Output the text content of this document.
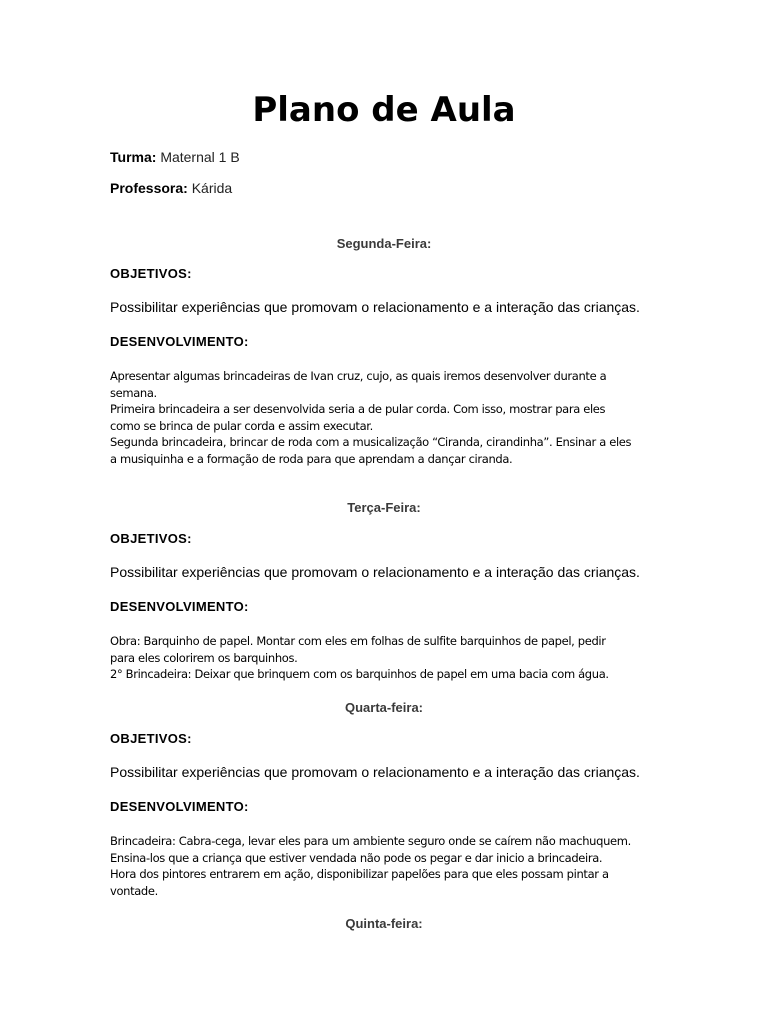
Plano de Aula

Turma: Maternal 1 B

Professora: Kárida

Segunda-Feira:

OBJETIVOS:

Possibilitar experiências que promovam o relacionamento e a interação das crianças.

DESENVOLVIMENTO:

Apresentar algumas brincadeiras de Ivan cruz, cujo, as quais iremos desenvolver durante a
semana.
Primeira brincadeira a ser desenvolvida seria a de pular corda. Com isso, mostrar para eles
como se brinca de pular corda e assim executar.
Segunda brincadeira, brincar de roda com a musicalização “Ciranda, cirandinha”. Ensinar a eles
a musiquinha e a formação de roda para que aprendam a dançar ciranda.

Terça-Feira:

OBJETIVOS:

Possibilitar experiências que promovam o relacionamento e a interação das crianças.

DESENVOLVIMENTO:

Obra: Barquinho de papel. Montar com eles em folhas de sulfite barquinhos de papel, pedir
para eles colorirem os barquinhos.
2° Brincadeira: Deixar que brinquem com os barquinhos de papel em uma bacia com água.

Quarta-feira:

OBJETIVOS:

Possibilitar experiências que promovam o relacionamento e a interação das crianças.

DESENVOLVIMENTO:

Brincadeira: Cabra-cega, levar eles para um ambiente seguro onde se caírem não machuquem.
Ensina-los que a criança que estiver vendada não pode os pegar e dar inicio a brincadeira.
Hora dos pintores entrarem em ação, disponibilizar papelões para que eles possam pintar a
vontade.

Quinta-feira:
